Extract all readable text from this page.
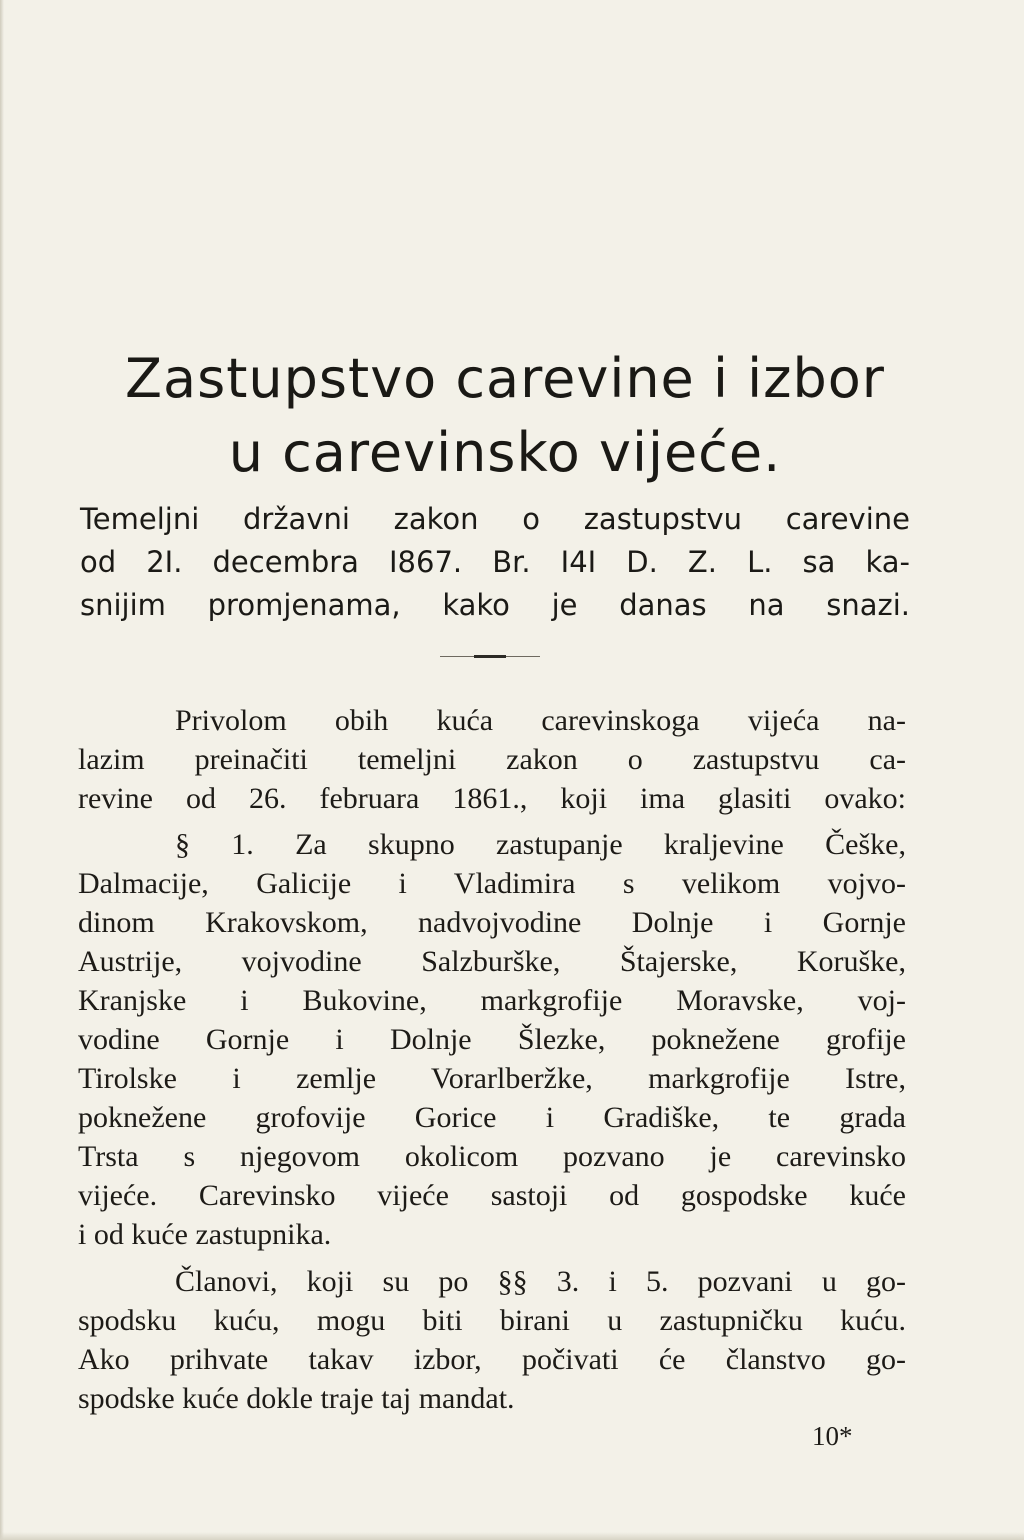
Zastupstvo carevine i izbor
u carevinsko vijeće.

Temeljni državni zakon o zastupstvu carevine

od 2I. decembra I867. Br. I4I D. Z. L. sa ka-

snijim promjenama, kako je danas na snazi.

Privolom obih kuća carevinskoga vijeća na-

lazim preinačiti temeljni zakon o zastupstvu ca-

revine od 26. februara 1861., koji ima glasiti ovako:

§ 1. Za skupno zastupanje kraljevine Češke,

Dalmacije, Galicije i Vladimira s velikom vojvo-

dinom Krakovskom, nadvojvodine Dolnje i Gornje

Austrije, vojvodine Salzburške, Štajerske, Koruške,

Kranjske i Bukovine, markgrofije Moravske, voj-

vodine Gornje i Dolnje Šlezke, poknežene grofije

Tirolske i zemlje Vorarlberžke, markgrofije Istre,

poknežene grofovije Gorice i Gradiške, te grada

Trsta s njegovom okolicom pozvano je carevinsko

vijeće. Carevinsko vijeće sastoji od gospodske kuće

i od kuće zastupnika.

Članovi, koji su po §§ 3. i 5. pozvani u go-

spodsku kuću, mogu biti birani u zastupničku kuću.

Ako prihvate takav izbor, počivati će članstvo go-

spodske kuće dokle traje taj mandat.

10*
